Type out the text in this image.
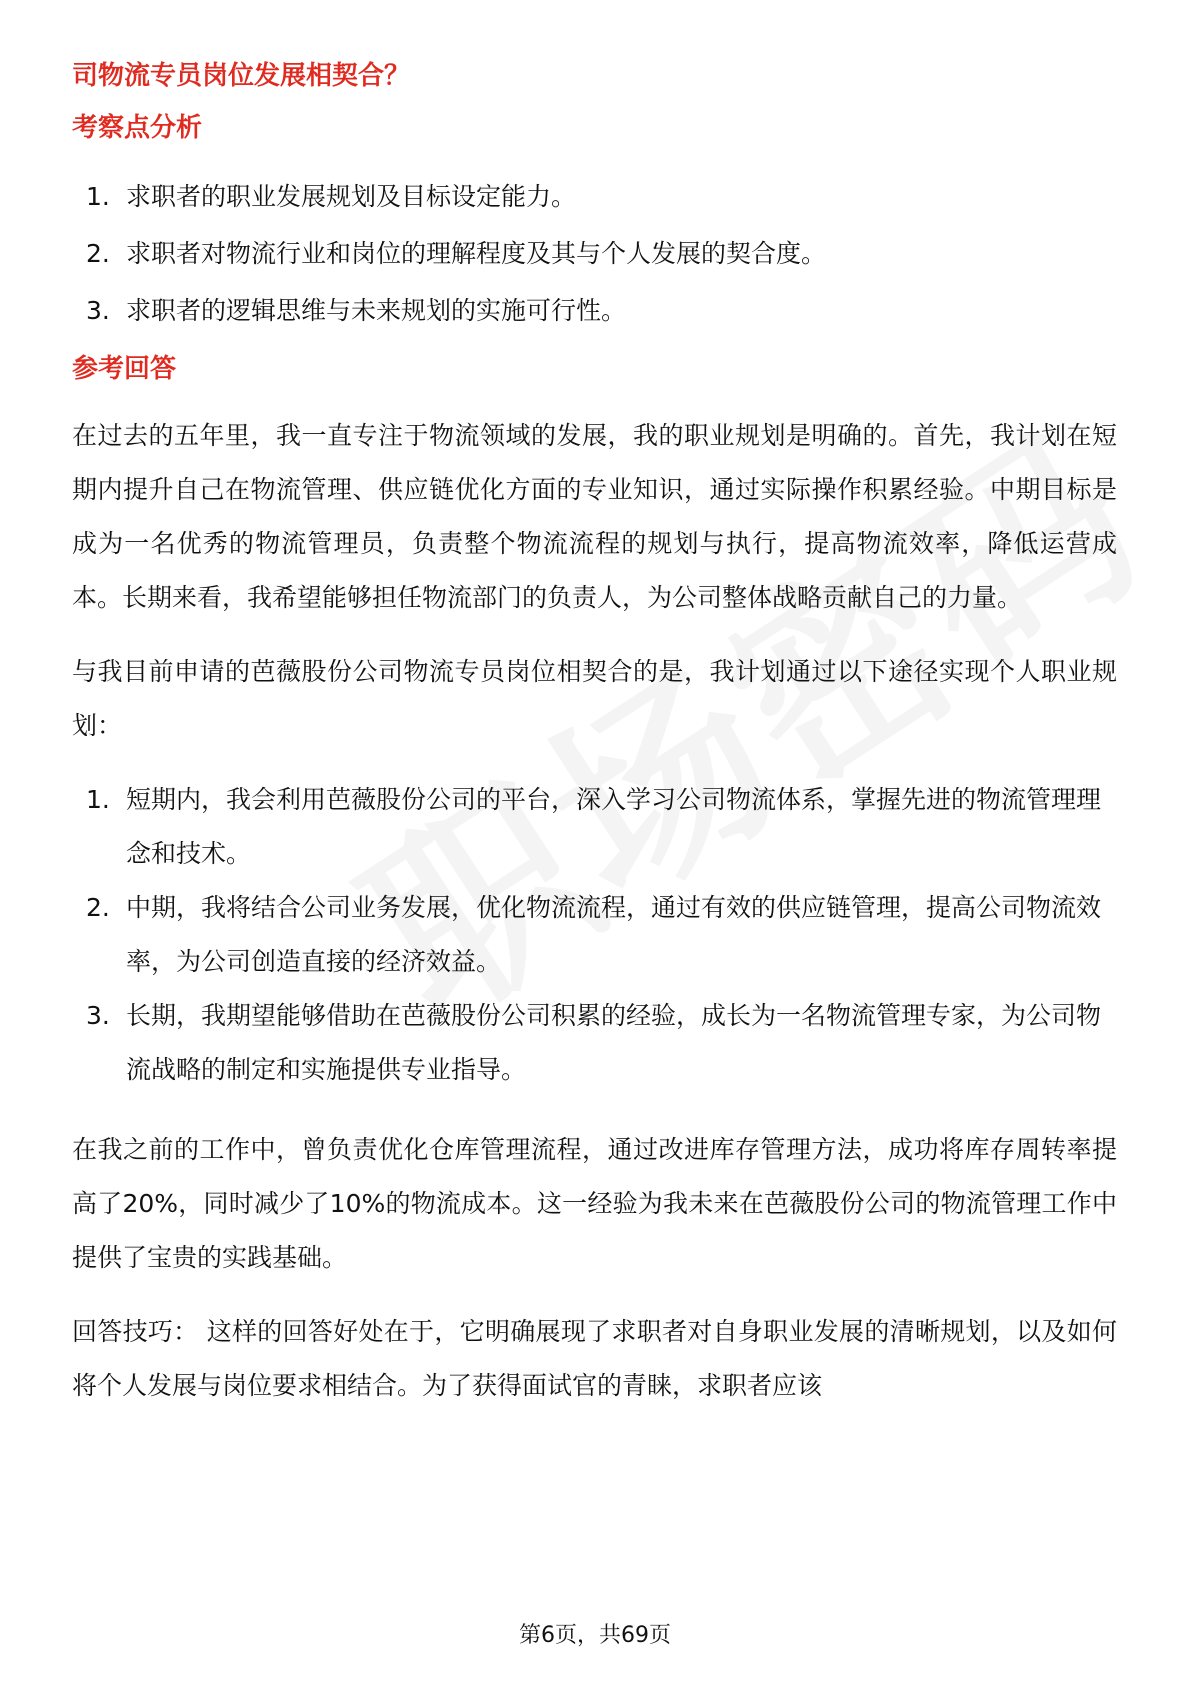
司物流专员岗位发展相契合？
考察点分析
1. 求职者的职业发展规划及目标设定能力。
2. 求职者对物流行业和岗位的理解程度及其与个人发展的契合度。
3. 求职者的逻辑思维与未来规划的实施可行性。
参考回答

在过去的五年里，我一直专注于物流领域的发展，我的职业规划是明确的。首先，我计划在短期内提升自己在物流管理、供应链优化方面的专业知识，通过实际操作积累经验。中期目标是成为一名优秀的物流管理员，负责整个物流流程的规划与执行，提高物流效率，降低运营成本。长期来看，我希望能够担任物流部门的负责人，为公司整体战略贡献自己的力量。

与我目前申请的芭薇股份公司物流专员岗位相契合的是，我计划通过以下途径实现个人职业规划：

1. 短期内，我会利用芭薇股份公司的平台，深入学习公司物流体系，掌握先进的物流管理理念和技术。
2. 中期，我将结合公司业务发展，优化物流流程，通过有效的供应链管理，提高公司物流效率，为公司创造直接的经济效益。
3. 长期，我期望能够借助在芭薇股份公司积累的经验，成长为一名物流管理专家，为公司物流战略的制定和实施提供专业指导。

在我之前的工作中，曾负责优化仓库管理流程，通过改进库存管理方法，成功将库存周转率提高了20%，同时减少了10%的物流成本。这一经验为我未来在芭薇股份公司的物流管理工作中提供了宝贵的实践基础。

回答技巧： 这样的回答好处在于，它明确展现了求职者对自身职业发展的清晰规划，以及如何将个人发展与岗位要求相结合。为了获得面试官的青睐，求职者应该

第6页，共69页
